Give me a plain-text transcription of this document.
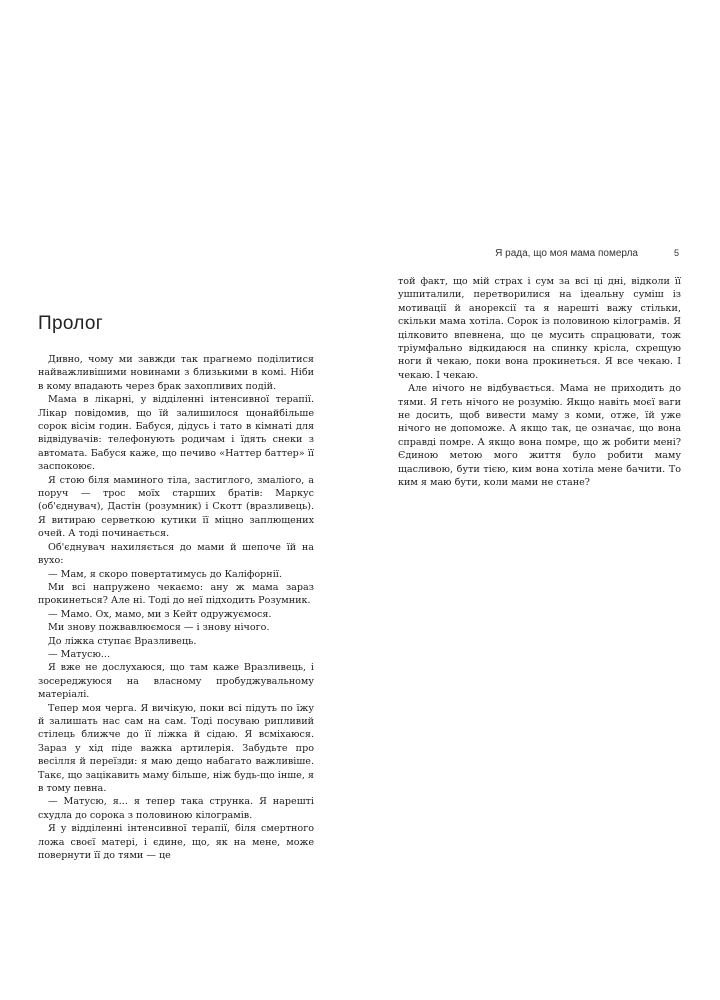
Пролог

Дивно, чому ми завжди так прагнемо поділитися найважливішими новинами з близькими в комі. Ніби в кому впадають через брак захопливих подій.

Мама в лікарні, у відділенні інтенсивної терапії. Лікар повідомив, що їй залишилося щонайбільше сорок вісім годин. Бабуся, дідусь і тато в кімнаті для відвідувачів: телефонують родичам і їдять снеки з автомата. Бабуся каже, що печиво «Наттер баттер» її заспокоює.

Я стою біля маминого тіла, застиглого, змаліого, а поруч — трос моїх старших братів: Маркус (об'єднувач), Дастін (розумник) і Скотт (вразливець). Я витираю серветкою кутики її міцно заплющених очей. А тоді починається.

Об'єднувач нахиляється до мами й шепоче їй на вухо:

— Мам, я скоро повертатимусь до Каліфорнії.

Ми всі напружено чекаємо: ану ж мама зараз прокинеться? Але ні. Тоді до неї підходить Розумник.

— Мамо. Ох, мамо, ми з Кейт одружуємося.

Ми знову пожвавлюємося — і знову нічого.

До ліжка ступає Вразливець.

— Матусю...

Я вже не дослухаюся, що там каже Вразливець, і зосереджуюся на власному пробуджувальному матеріалі.

Тепер моя черга. Я вичікую, поки всі підуть по їжу й залишать нас сам на сам. Тоді посуваю рипливий стілець ближче до її ліжка й сідаю. Я всміхаюся. Зараз у хід піде важка артилерія. Забудьте про весілля й переїзди: я маю дещо набагато важливіше. Такє, що зацікавить маму більше, ніж будь-що інше, я в тому певна.

— Матусю, я... я тепер така струнка. Я нарешті схудла до сорока з половиною кілограмів.

Я у відділенні інтенсивної терапії, біля смертного ложа своєї матері, і єдине, що, як на мене, може повернути її до тями — це

Я рада, що моя мама померла	5

той факт, що мій страх і сум за всі ці дні, відколи її ушпиталили, перетворилися на ідеальну суміш із мотивації й анорексії та я нарешті важу стільки, скільки мама хотіла. Сорок із половиною кілограмів. Я цілковито впевнена, що це мусить спрацювати, тож тріумфально відкидаюся на спинку крісла, схрещую ноги й чекаю, поки вона прокинеться. Я все чекаю. І чекаю. І чекаю.

Але нічого не відбувається. Мама не приходить до тями. Я геть нічого не розумію. Якщо навіть моєї ваги не досить, щоб вивести маму з коми, отже, їй уже нічого не допоможе. А якщо так, це означає, що вона справді помре. А якщо вона помре, що ж робити мені? Єдиною метою мого життя було робити маму щасливою, бути тією, ким вона хотіла мене бачити. То ким я маю бути, коли мами не стане?
